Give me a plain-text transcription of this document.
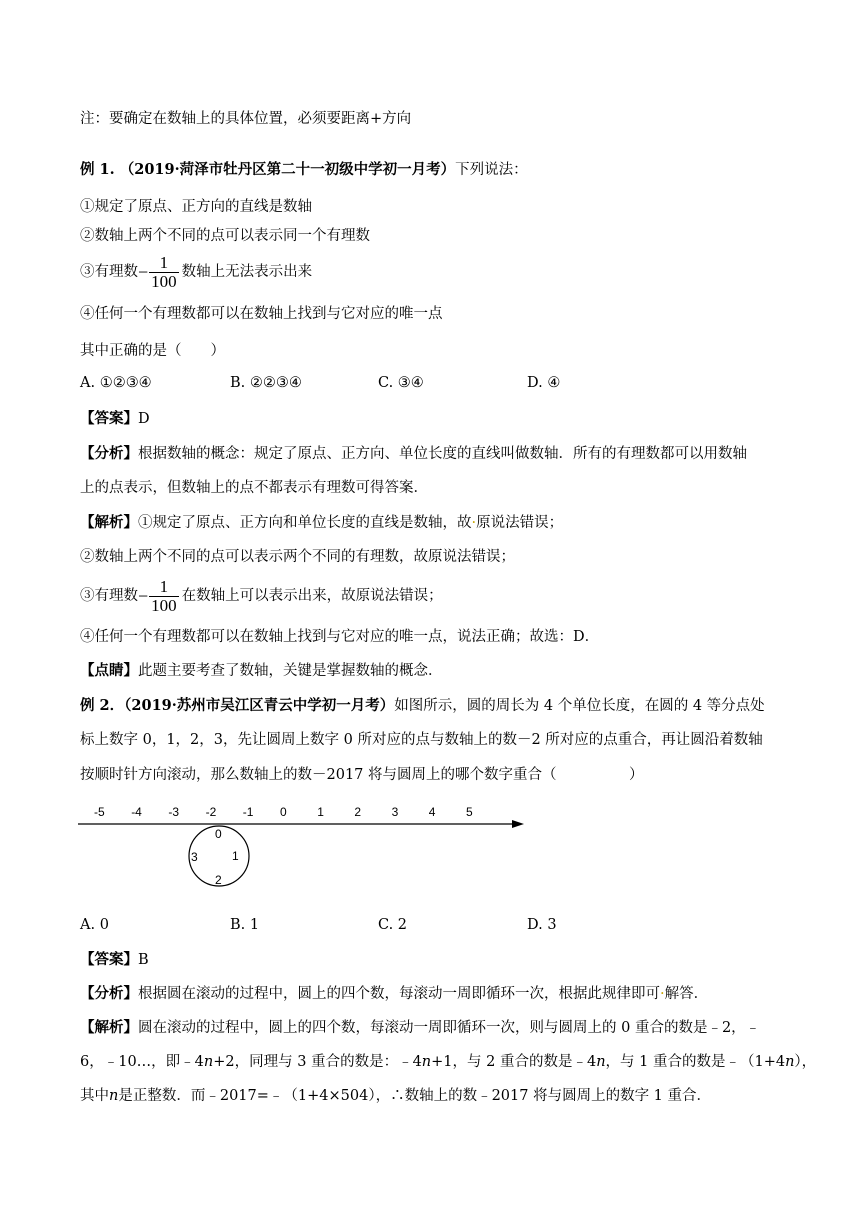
注：要确定在数轴上的具体位置，必须要距离+方向
例 1. （2019·菏泽市牡丹区第二十一初级中学初一月考）下列说法：
①规定了原点、正方向的直线是数轴
②数轴上两个不同的点可以表示同一个有理数
③有理数− $\frac{1}{100}$ 数轴上无法表示出来
④任何一个有理数都可以在数轴上找到与它对应的唯一点
其中正确的是（　　）
A. ①②③④	B. ②②③④	C. ③④	D. ④
【答案】D
【分析】根据数轴的概念：规定了原点、正方向、单位长度的直线叫做数轴．所有的有理数都可以用数轴
上的点表示，但数轴上的点不都表示有理数可得答案．
【解析】①规定了原点、正方向和单位长度的直线是数轴，故·原说法错误；
②数轴上两个不同的点可以表示两个不同的有理数，故原说法错误；
③有理数− $\frac{1}{100}$ 在数轴上可以表示出来，故原说法错误；
④任何一个有理数都可以在数轴上找到与它对应的唯一点，说法正确；故选：D．
【点睛】此题主要考查了数轴，关键是掌握数轴的概念．
例 2．（2019·苏州市吴江区青云中学初一月考）如图所示，圆的周长为 4 个单位长度，在圆的 4 等分点处
标上数字 0，1，2，3，先让圆周上数字 0 所对应的点与数轴上的数－2 所对应的点重合，再让圆沿着数轴
按顺时针方向滚动，那么数轴上的数－2017 将与圆周上的哪个数字重合（　　　　　）
-5 -4 -3 -2 -1 0	1	2	3	4	5
0
1
2
3
A. 0	B. 1	C. 2	D. 3
【答案】B
【分析】根据圆在滚动的过程中，圆上的四个数，每滚动一周即循环一次，根据此规律即可·解答．
【解析】圆在滚动的过程中，圆上的四个数，每滚动一周即循环一次，则与圆周上的 0 重合的数是﹣2，﹣
6，﹣10…，即﹣4n+2，同理与 3 重合的数是：﹣4n+1，与 2 重合的数是﹣4n，与 1 重合的数是﹣（1+4n），
其中n是正整数．而﹣2017=﹣（1+4×504），∴数轴上的数﹣2017 将与圆周上的数字 1 重合．
